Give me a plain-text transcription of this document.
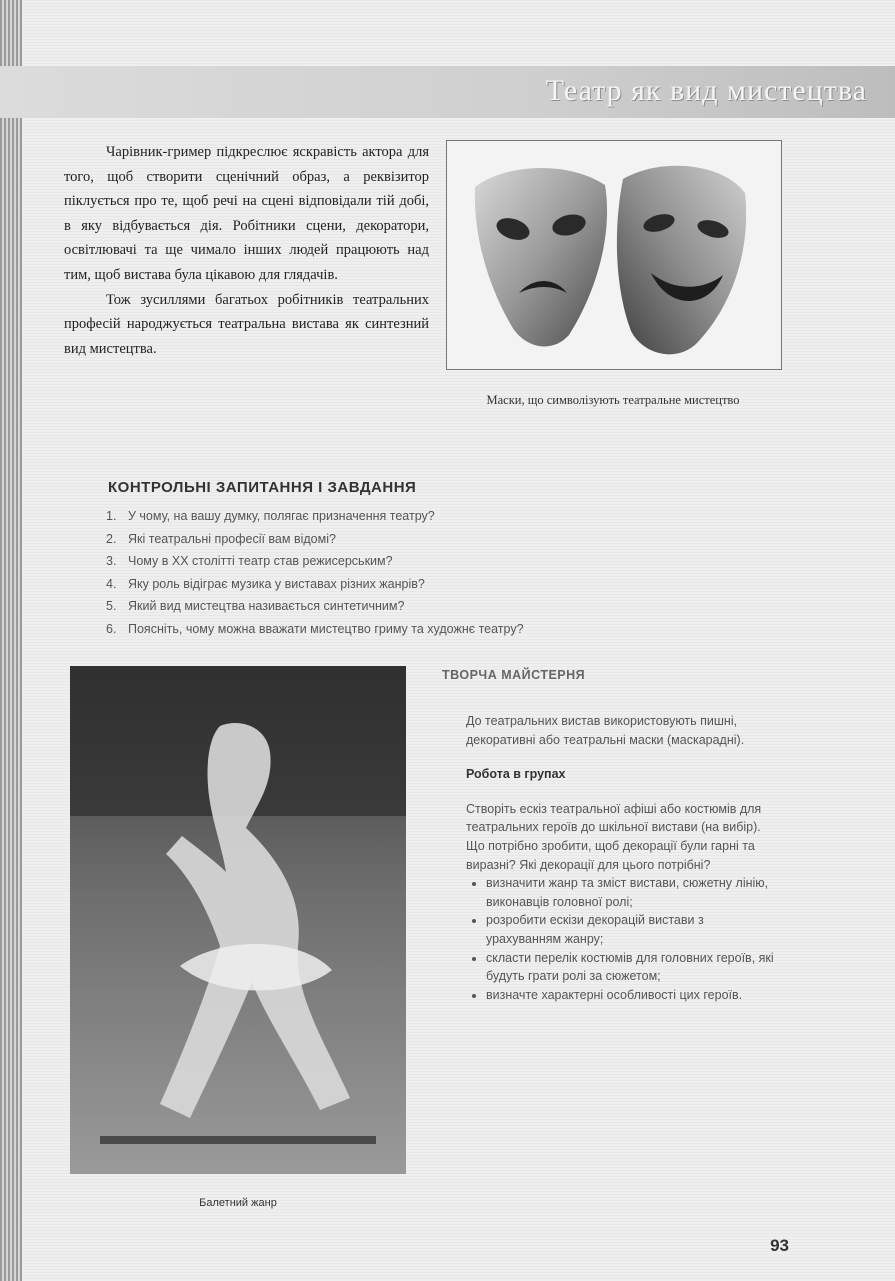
Театр як вид мистецтва

Чарівник-гример підкреслює яскравість актора для того, щоб створити сценічний образ, а реквізитор піклується про те, щоб речі на сцені відповідали тій добі, в яку відбувається дія. Робітники сцени, декоратори, освітлювачі та ще чимало інших людей працюють над тим, щоб вистава була цікавою для глядачів.

Тож зусиллями багатьох робітників театральних професій народжується театральна вистава як синтезний вид мистецтва.

Маски, що символізують театральне мистецтво
КОНТРОЛЬНІ ЗАПИТАННЯ І ЗАВДАННЯ
1. У чому, на вашу думку, полягає призначення театру?
2. Які театральні професії вам відомі?
3. Чому в ХХ столітті театр став режисерським?
4. Яку роль відіграє музика у виставах різних жанрів?
5. Який вид мистецтва називається синтетичним?
6. Поясніть, чому можна вважати мистецтво гриму та художнє театру?
Балетний жанр
ТВОРЧА МАЙСТЕРНЯ

До театральних вистав використовують пишні, декоративні або театральні маски (маскарадні).

Робота в групах

Створіть ескіз театральної афіші або костюмів для театральних героїв до шкільної вистави (на вибір). Що потрібно зробити, щоб декорації були гарні та виразні? Які декорації для цього потрібні?

• визначити жанр та зміст вистави, сюжетну лінію, виконавців головної ролі;
• розробити ескізи декорацій вистави з урахуванням жанру;
• скласти перелік костюмів для головних героїв, які будуть грати ролі за сюжетом;
• визначте характерні особливості цих героїв.
93
